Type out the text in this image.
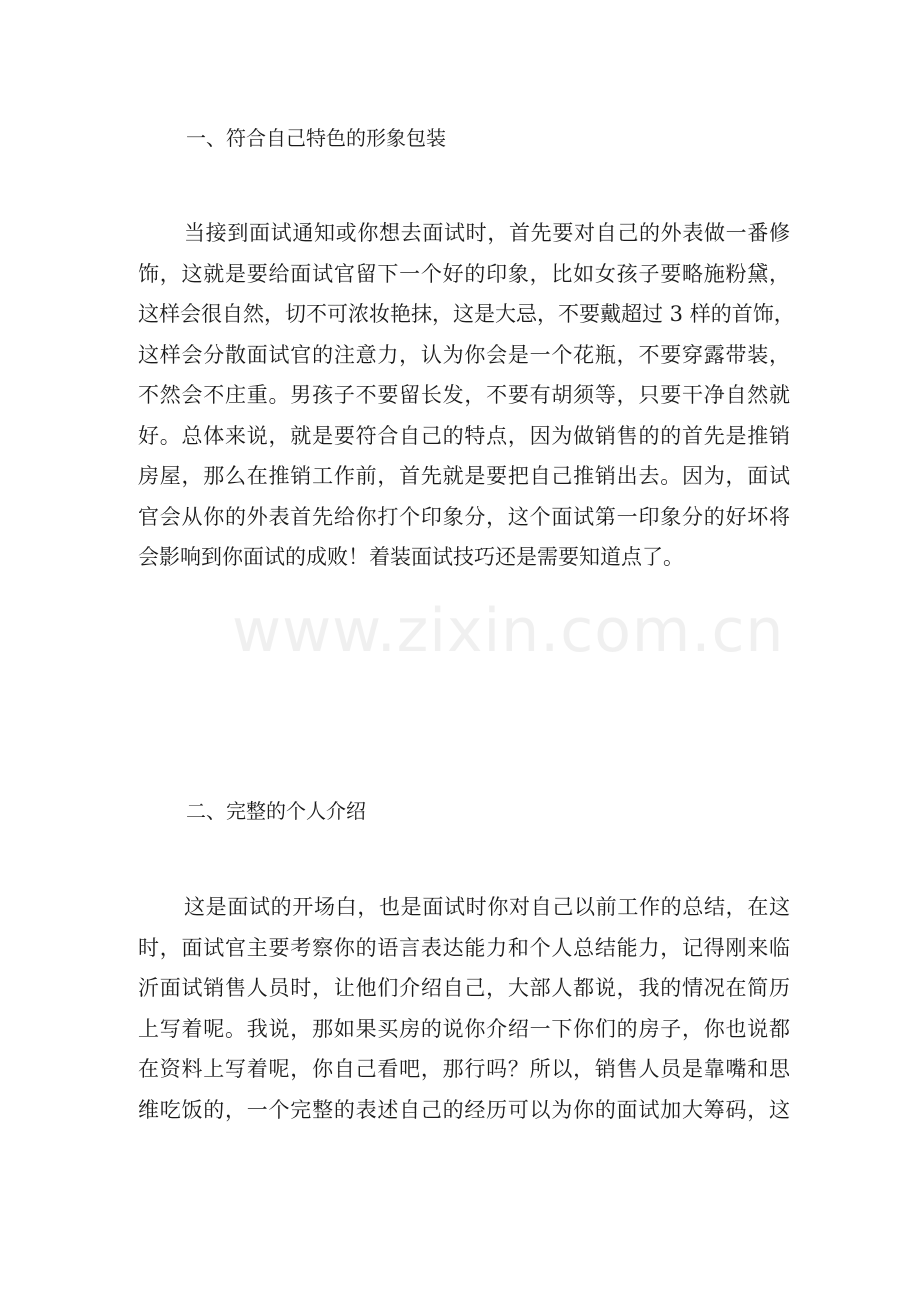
一、符合自己特色的形象包装
当接到面试通知或你想去面试时，首先要对自己的外表做一番修
饰，这就是要给面试官留下一个好的印象，比如女孩子要略施粉黛，
这样会很自然，切不可浓妆艳抹，这是大忌，不要戴超过 3 样的首饰，
这样会分散面试官的注意力，认为你会是一个花瓶，不要穿露带装，
不然会不庄重。男孩子不要留长发，不要有胡须等，只要干净自然就
好。总体来说，就是要符合自己的特点，因为做销售的的首先是推销
房屋，那么在推销工作前，首先就是要把自己推销出去。因为，面试
官会从你的外表首先给你打个印象分，这个面试第一印象分的好坏将
会影响到你面试的成败！着装面试技巧还是需要知道点了。
二、完整的个人介绍
这是面试的开场白，也是面试时你对自己以前工作的总结，在这
时，面试官主要考察你的语言表达能力和个人总结能力，记得刚来临
沂面试销售人员时，让他们介绍自己，大部人都说，我的情况在简历
上写着呢。我说，那如果买房的说你介绍一下你们的房子，你也说都
在资料上写着呢，你自己看吧，那行吗？所以，销售人员是靠嘴和思
维吃饭的，一个完整的表述自己的经历可以为你的面试加大筹码，这
www.zixin.com.cn
